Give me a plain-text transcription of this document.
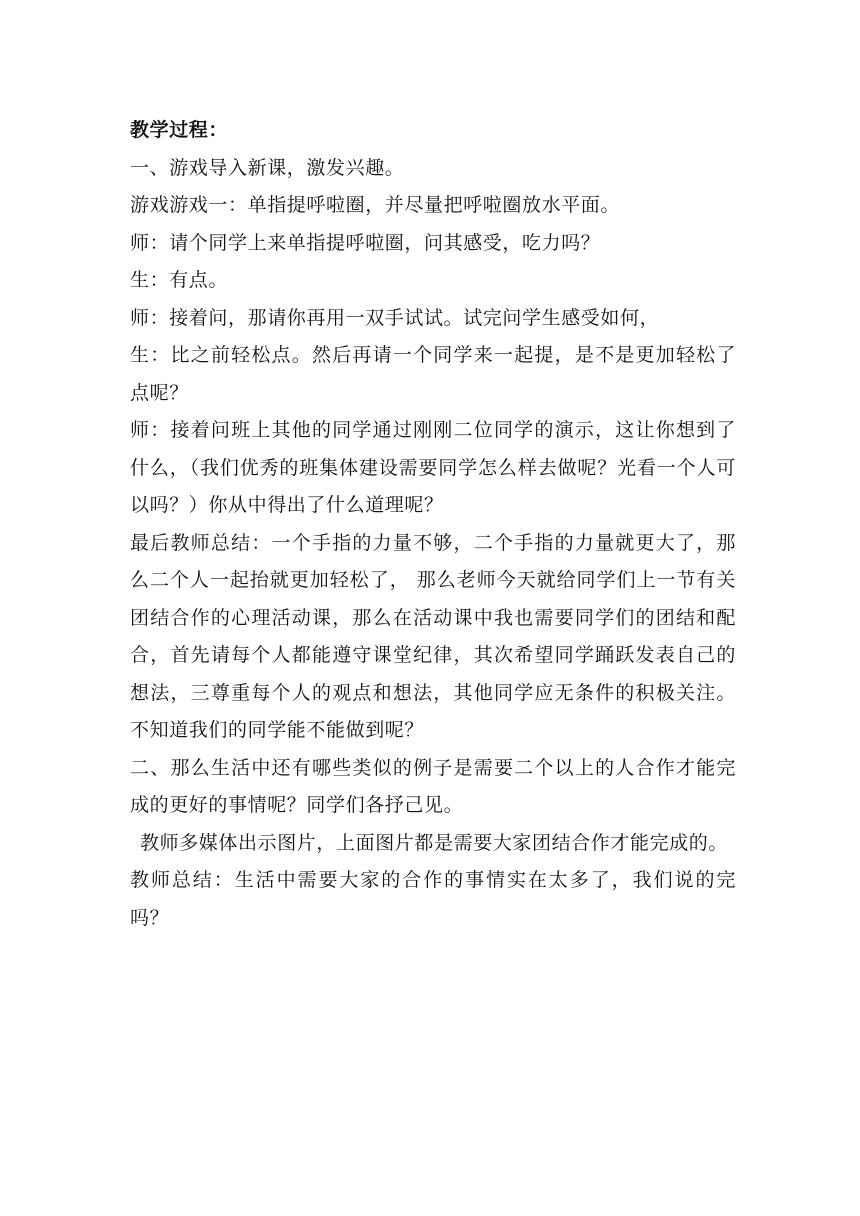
教学过程：

一、游戏导入新课，激发兴趣。

游戏游戏一：单指提呼啦圈，并尽量把呼啦圈放水平面。

师：请个同学上来单指提呼啦圈，问其感受，吃力吗？

生：有点。

师：接着问，那请你再用一双手试试。试完问学生感受如何，

生：比之前轻松点。然后再请一个同学来一起提，是不是更加轻松了点呢？

师：接着问班上其他的同学通过刚刚二位同学的演示，这让你想到了什么，（我们优秀的班集体建设需要同学怎么样去做呢？光看一个人可以吗？）你从中得出了什么道理呢？

最后教师总结：一个手指的力量不够，二个手指的力量就更大了，那么二个人一起抬就更加轻松了， 那么老师今天就给同学们上一节有关团结合作的心理活动课，那么在活动课中我也需要同学们的团结和配合，首先请每个人都能遵守课堂纪律，其次希望同学踊跃发表自己的想法，三尊重每个人的观点和想法，其他同学应无条件的积极关注。不知道我们的同学能不能做到呢？

二、那么生活中还有哪些类似的例子是需要二个以上的人合作才能完成的更好的事情呢？同学们各抒己见。

教师多媒体出示图片，上面图片都是需要大家团结合作才能完成的。

教师总结：生活中需要大家的合作的事情实在太多了，我们说的完吗？
